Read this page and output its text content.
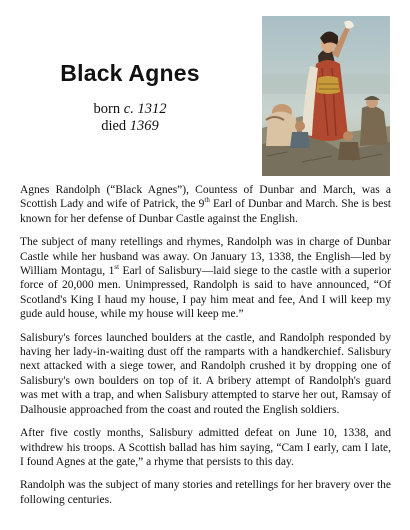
Black Agnes
born c. 1312
died 1369

Agnes Randolph (“Black Agnes”), Countess of Dunbar and March, was a Scottish Lady and wife of Patrick, the 9th Earl of Dunbar and March. She is best known for her defense of Dunbar Castle against the English.

The subject of many retellings and rhymes, Randolph was in charge of Dunbar Castle while her husband was away. On January 13, 1338, the English—led by William Montagu, 1st Earl of Salisbury—laid siege to the castle with a superior force of 20,000 men. Unimpressed, Randolph is said to have announced, “Of Scotland's King I haud my house, I pay him meat and fee, And I will keep my gude auld house, while my house will keep me.”

Salisbury's forces launched boulders at the castle, and Randolph responded by having her lady-in-waiting dust off the ramparts with a handkerchief. Salisbury next attacked with a siege tower, and Randolph crushed it by dropping one of Salisbury's own boulders on top of it. A bribery attempt of Randolph's guard was met with a trap, and when Salisbury attempted to starve her out, Ramsay of Dalhousie approached from the coast and routed the English soldiers.

After five costly months, Salisbury admitted defeat on June 10, 1338, and withdrew his troops. A Scottish ballad has him saying, “Cam I early, cam I late, I found Agnes at the gate,” a rhyme that persists to this day.

Randolph was the subject of many stories and retellings for her bravery over the following centuries.
